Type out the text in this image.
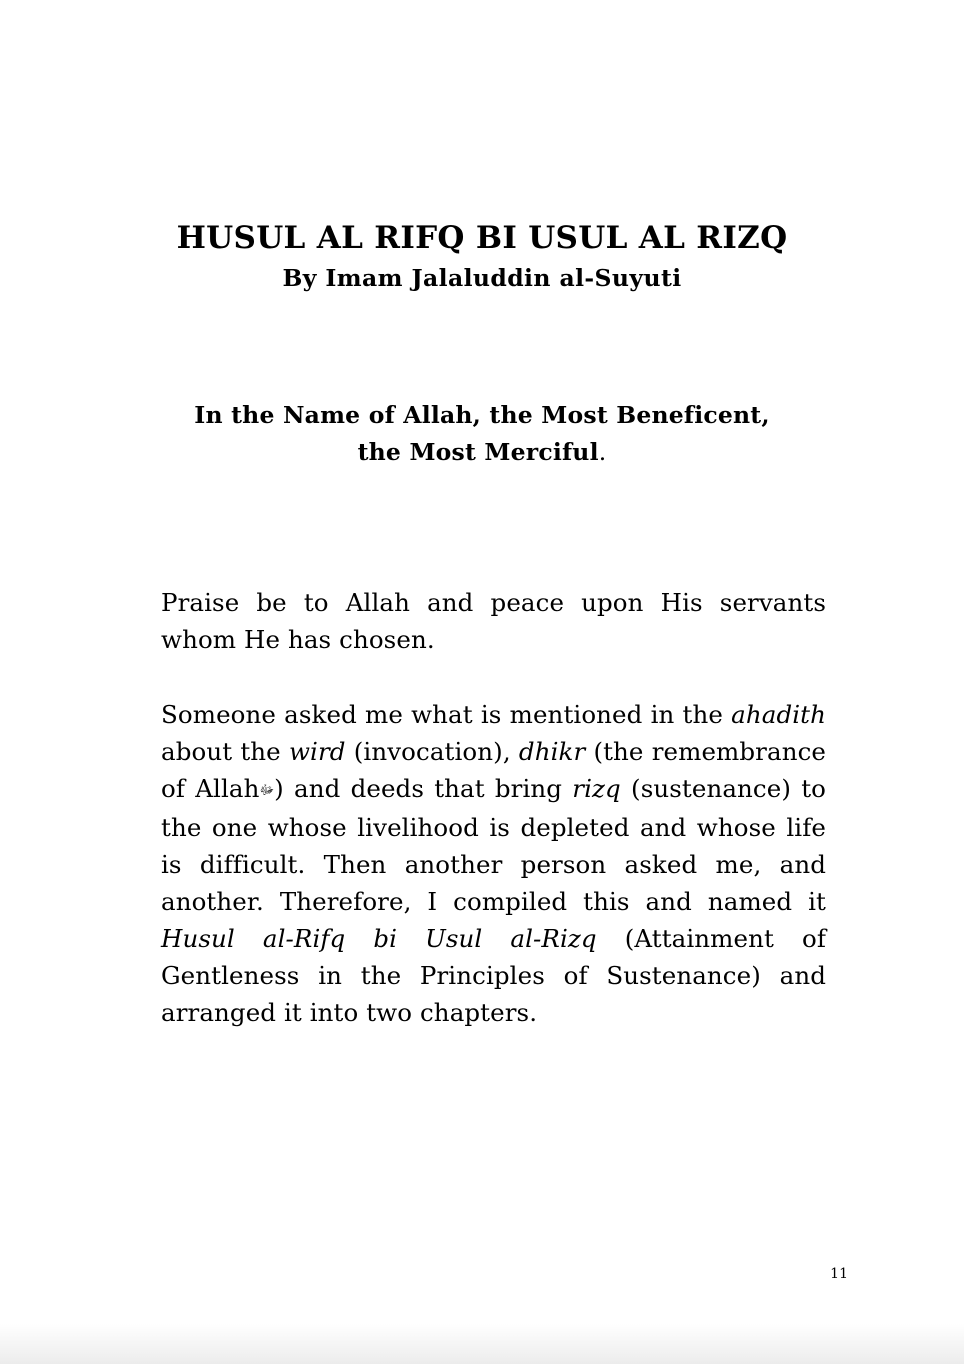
HUSUL AL RIFQ BI USUL AL RIZQ
By Imam Jalaluddin al-Suyuti

In the Name of Allah, the Most Beneficent,
the Most Merciful.

Praise be to Allah and peace upon His servants whom He has chosen.

Someone asked me what is mentioned in the ahadith about the wird (invocation), dhikr (the remembrance of Allahﷻ) and deeds that bring rizq (sustenance) to the one whose livelihood is depleted and whose life is difficult. Then another person asked me, and another. Therefore, I compiled this and named it Husul al-Rifq bi Usul al-Rizq (Attainment of Gentleness in the Principles of Sustenance) and arranged it into two chapters.

11
